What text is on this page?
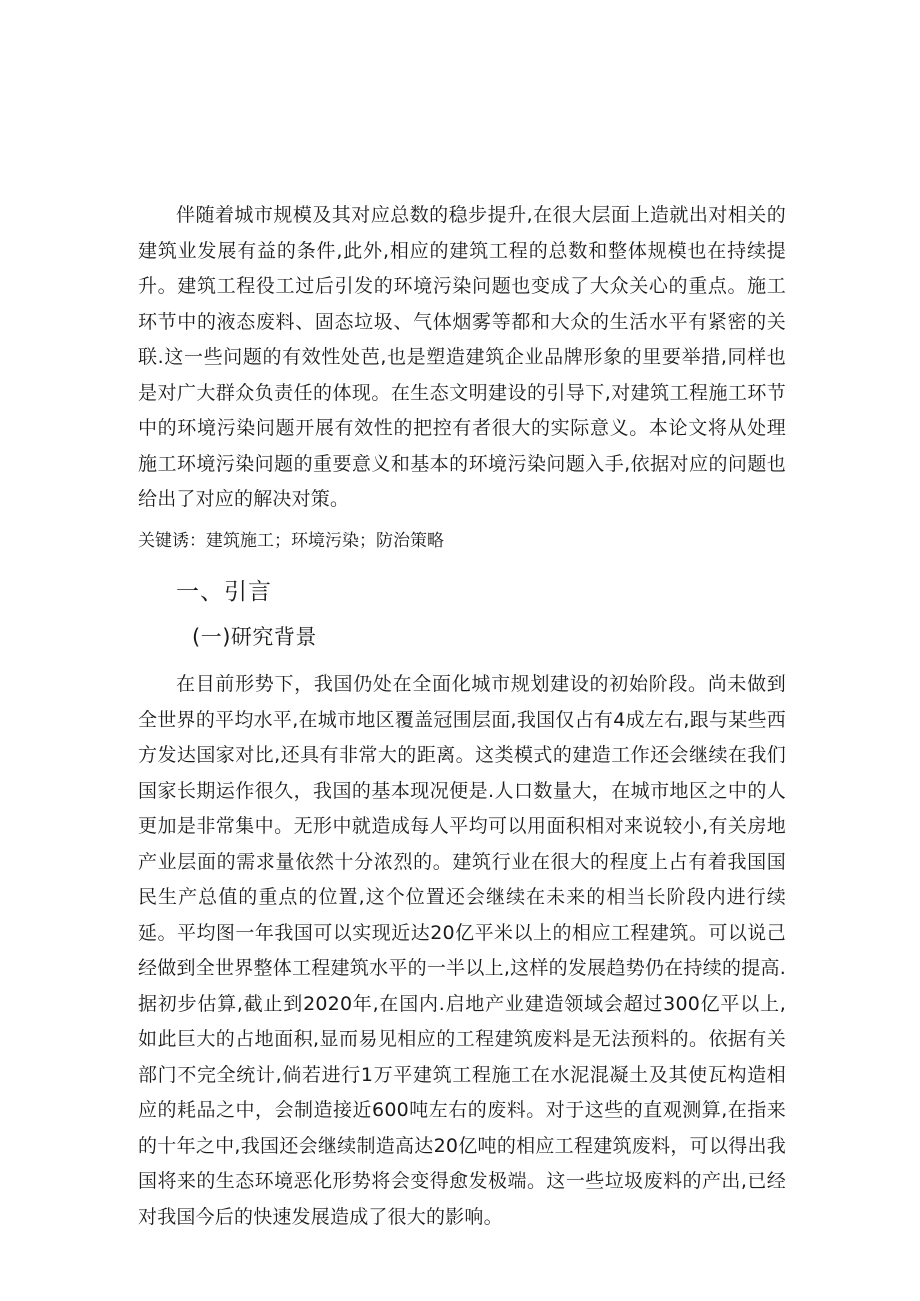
伴随着城市规模及其对应总数的稳步提升,在很大层面上造就出对相关的建筑业发展有益的条件,此外,相应的建筑工程的总数和整体规模也在持续提升。建筑工程役工过后引发的环境污染问题也变成了大众关心的重点。施工环节中的液态废料、固态垃圾、气体烟雾等都和大众的生活水平有紧密的关联.这一些问题的有效性处芭,也是塑造建筑企业品牌形象的里要举措,同样也是对广大群众负责任的体现。在生态文明建设的引导下,对建筑工程施工环节中的环境污染问题开展有效性的把控有者很大的实际意义。本论文将从处理施工环境污染问题的重要意义和基本的环境污染问题入手,依据对应的问题也给出了对应的解决对策。

关键诱：建筑施工；环境污染；防治策略

一、引言
(一)研究背景

在目前形势下，我国仍处在全面化城市规划建设的初始阶段。尚未做到全世界的平均水平,在城市地区覆盖冠围层面,我国仅占有4成左右,跟与某些西方发达国家对比,还具有非常大的距离。这类模式的建造工作还会继续在我们国家长期运作很久，我国的基本现况便是.人口数量大，在城市地区之中的人更加是非常集中。无形中就造成每人平均可以用面积相对来说较小,有关房地产业层面的需求量依然十分浓烈的。建筑行业在很大的程度上占有着我国国民生产总值的重点的位置,这个位置还会继续在未来的相当长阶段内进行续延。平均图一年我国可以实现近达20亿平米以上的相应工程建筑。可以说己经做到全世界整体工程建筑水平的一半以上,这样的发展趋势仍在持续的提高.据初步估算,截止到2020年,在国内.启地产业建造领域会超过300亿平以上,如此巨大的占地面积,显而易见相应的工程建筑废料是无法预料的。依据有关部门不完全统计,倘若进行1万平建筑工程施工在水泥混凝土及其使瓦构造相应的耗品之中，会制造接近600吨左右的废料。对于这些的直观测算,在指来的十年之中,我国还会继续制造高达20亿吨的相应工程建筑废料，可以得出我国将来的生态环境恶化形势将会变得愈发极端。这一些垃圾废料的产出,已经对我国今后的快速发展造成了很大的影响。
